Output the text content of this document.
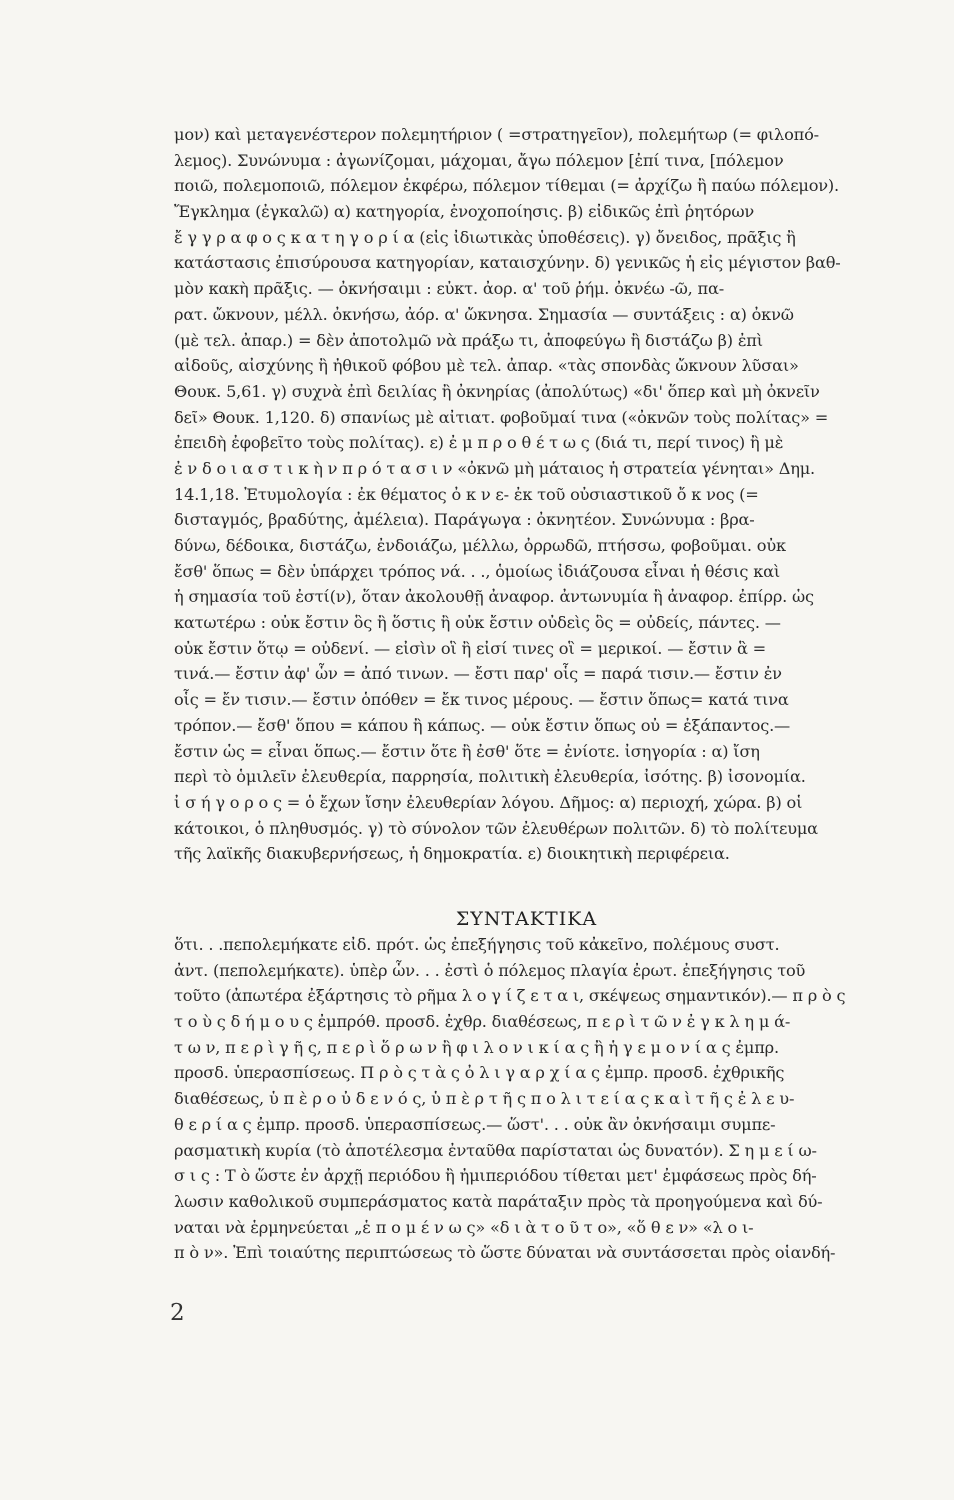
μον) καὶ μεταγενέστερον πολεμητήριον ( =στρατηγεῖον), πολεμήτωρ (= φιλοπό-
λεμος). Συνώνυμα : ἀγωνίζομαι, μάχομαι, ἄγω πόλεμον [ἐπί τινα, [πόλεμον
ποιῶ, πολεμοποιῶ, πόλεμον ἐκφέρω, πόλεμον τίθεμαι (= ἀρχίζω ἢ παύω πόλεμον).
Ἔγκλημα (ἐγκαλῶ) α) κατηγορία, ἐνοχοποίησις. β) εἰδικῶς ἐπὶ ῥητόρων
ἔ γ γ ρ α φ ο ς κ α τ η γ ο ρ ί α (εἰς ἰδιωτικὰς ὑποθέσεις). γ) ὄνειδος, πρᾶξις ἢ
κατάστασις ἐπισύρουσα κατηγορίαν, καταισχύνην. δ) γενικῶς ἡ εἰς μέγιστον βαθ-
μὸν κακὴ πρᾶξις. — ὀκνήσαιμι : εὐκτ. ἀορ. α' τοῦ ῥήμ. ὀκνέω -ῶ, πα-
ρατ. ὤκνουν, μέλλ. ὀκνήσω, ἀόρ. α' ὤκνησα. Σημασία — συντάξεις : α) ὀκνῶ
(μὲ τελ. ἀπαρ.) = δὲν ἀποτολμῶ νὰ πράξω τι, ἀποφεύγω ἢ διστάζω β) ἐπὶ
αἰδοῦς, αἰσχύνης ἢ ἠθικοῦ φόβου μὲ τελ. ἀπαρ. «τὰς σπονδὰς ὤκνουν λῦσαι»
Θουκ. 5,61. γ) συχνὰ ἐπὶ δειλίας ἢ ὀκνηρίας (ἀπολύτως) «δι' ὅπερ καὶ μὴ ὀκνεῖν
δεῖ» Θουκ. 1,120. δ) σπανίως μὲ αἰτιατ. φοβοῦμαί τινα («ὀκνῶν τοὺς πολίτας» =
ἐπειδὴ ἐφοβεῖτο τοὺς πολίτας). ε) ἐ μ π ρ ο θ έ τ ω ς (διά τι, περί τινος) ἢ μὲ
ἐ ν δ ο ι α σ τ ι κ ὴ ν π ρ ό τ α σ ι ν «ὀκνῶ μὴ μάταιος ἡ στρατεία γένηται» Δημ.
14.1,18. Ἐτυμολογία : ἐκ θέματος ὀ κ ν ε- ἐκ τοῦ οὐσιαστικοῦ ὄ κ νος (=
δισταγμός, βραδύτης, ἀμέλεια). Παράγωγα : ὀκνητέον. Συνώνυμα : βρα-
δύνω, δέδοικα, διστάζω, ἐνδοιάζω, μέλλω, ὀρρωδῶ, πτήσσω, φοβοῦμαι. οὐκ
ἔσθ' ὅπως = δὲν ὑπάρχει τρόπος νά. . ., ὁμοίως ἰδιάζουσα εἶναι ἡ θέσις καὶ
ἡ σημασία τοῦ ἐστί(ν), ὅταν ἀκολουθῇ ἀναφορ. ἀντωνυμία ἢ ἀναφορ. ἐπίρρ. ὡς
κατωτέρω : οὐκ ἔστιν ὃς ἢ ὅστις ἢ οὐκ ἔστιν οὐδεὶς ὃς = οὐδείς, πάντες. —
οὐκ ἔστιν ὅτῳ = οὐδενί. — εἰσὶν οἳ ἢ εἰσί τινες οἳ = μερικοί. — ἔστιν ἃ =
τινά.— ἔστιν ἀφ' ὧν = ἀπό τινων. — ἔστι παρ' οἷς = παρά τισιν.— ἔστιν ἐν
οἷς = ἔν τισιν.— ἔστιν ὁπόθεν = ἔκ τινος μέρους. — ἔστιν ὅπως= κατά τινα
τρόπον.— ἔσθ' ὅπου = κάπου ἢ κάπως. — οὐκ ἔστιν ὅπως οὐ = ἐξάπαντος.—
ἔστιν ὡς = εἶναι ὅπως.— ἔστιν ὅτε ἢ ἐσθ' ὅτε = ἐνίοτε. ἰσηγορία : α) ἴση
περὶ τὸ ὁμιλεῖν ἐλευθερία, παρρησία, πολιτικὴ ἐλευθερία, ἰσότης. β) ἰσονομία.
ἰ σ ή γ ο ρ ο ς = ὁ ἔχων ἴσην ἐλευθερίαν λόγου. Δῆμος: α) περιοχή, χώρα. β) οἱ
κάτοικοι, ὁ πληθυσμός. γ) τὸ σύνολον τῶν ἐλευθέρων πολιτῶν. δ) τὸ πολίτευμα
τῆς λαϊκῆς διακυβερνήσεως, ἡ δημοκρατία. ε) διοικητικὴ περιφέρεια.
ΣΥΝΤΑΚΤΙΚΑ
ὅτι. . .πεπολεμήκατε εἰδ. πρότ. ὡς ἐπεξήγησις τοῦ κἀκεῖνο, πολέμους συστ.
ἀντ. (πεπολεμήκατε). ὑπὲρ ὧν. . . ἐστὶ ὁ πόλεμος πλαγία ἐρωτ. ἐπεξήγησις τοῦ
τοῦτο (ἀπωτέρα ἐξάρτησις τὸ ρῆμα λ ο γ ί ζ ε τ α ι, σκέψεως σημαντικόν).— π ρ ὸ ς
τ ο ὺ ς δ ή μ ο υ ς ἐμπρόθ. προσδ. ἐχθρ. διαθέσεως, π ε ρ ὶ τ ῶ ν ἐ γ κ λ η μ ά-
τ ω ν, π ε ρ ὶ γ ῆ ς, π ε ρ ὶ ὅ ρ ω ν ἢ φ ι λ ο ν ι κ ί α ς ἢ ἡ γ ε μ ο ν ί α ς ἐμπρ.
προσδ. ὑπερασπίσεως. Π ρ ὸ ς τ ὰ ς ὀ λ ι γ α ρ χ ί α ς ἐμπρ. προσδ. ἐχθρικῆς
διαθέσεως, ὑ π ὲ ρ ο ὐ δ ε ν ό ς, ὑ π ὲ ρ τ ῆ ς π ο λ ι τ ε ί α ς κ α ὶ τ ῆ ς ἐ λ ε υ-
θ ε ρ ί α ς ἐμπρ. προσδ. ὑπερασπίσεως.— ὥστ'. . . οὐκ ἂν ὀκνήσαιμι συμπε-
ρασματικὴ κυρία (τὸ ἀποτέλεσμα ἐνταῦθα παρίσταται ὡς δυνατόν). Σ η μ ε ί ω-
σ ι ς : Τ ὸ ὥστε ἐν ἀρχῇ περιόδου ἢ ἠμιπεριόδου τίθεται μετ' ἐμφάσεως πρὸς δή-
λωσιν καθολικοῦ συμπεράσματος κατὰ παράταξιν πρὸς τὰ προηγούμενα καὶ δύ-
ναται νὰ ἑρμηνεύεται „ἑ π ο μ έ ν ω ς» «δ ι ὰ τ ο ῦ τ ο», «ὅ θ ε ν» «λ ο ι-
π ὸ ν». Ἐπὶ τοιαύτης περιπτώσεως τὸ ὥστε δύναται νὰ συντάσσεται πρὸς οἱανδή-
2
